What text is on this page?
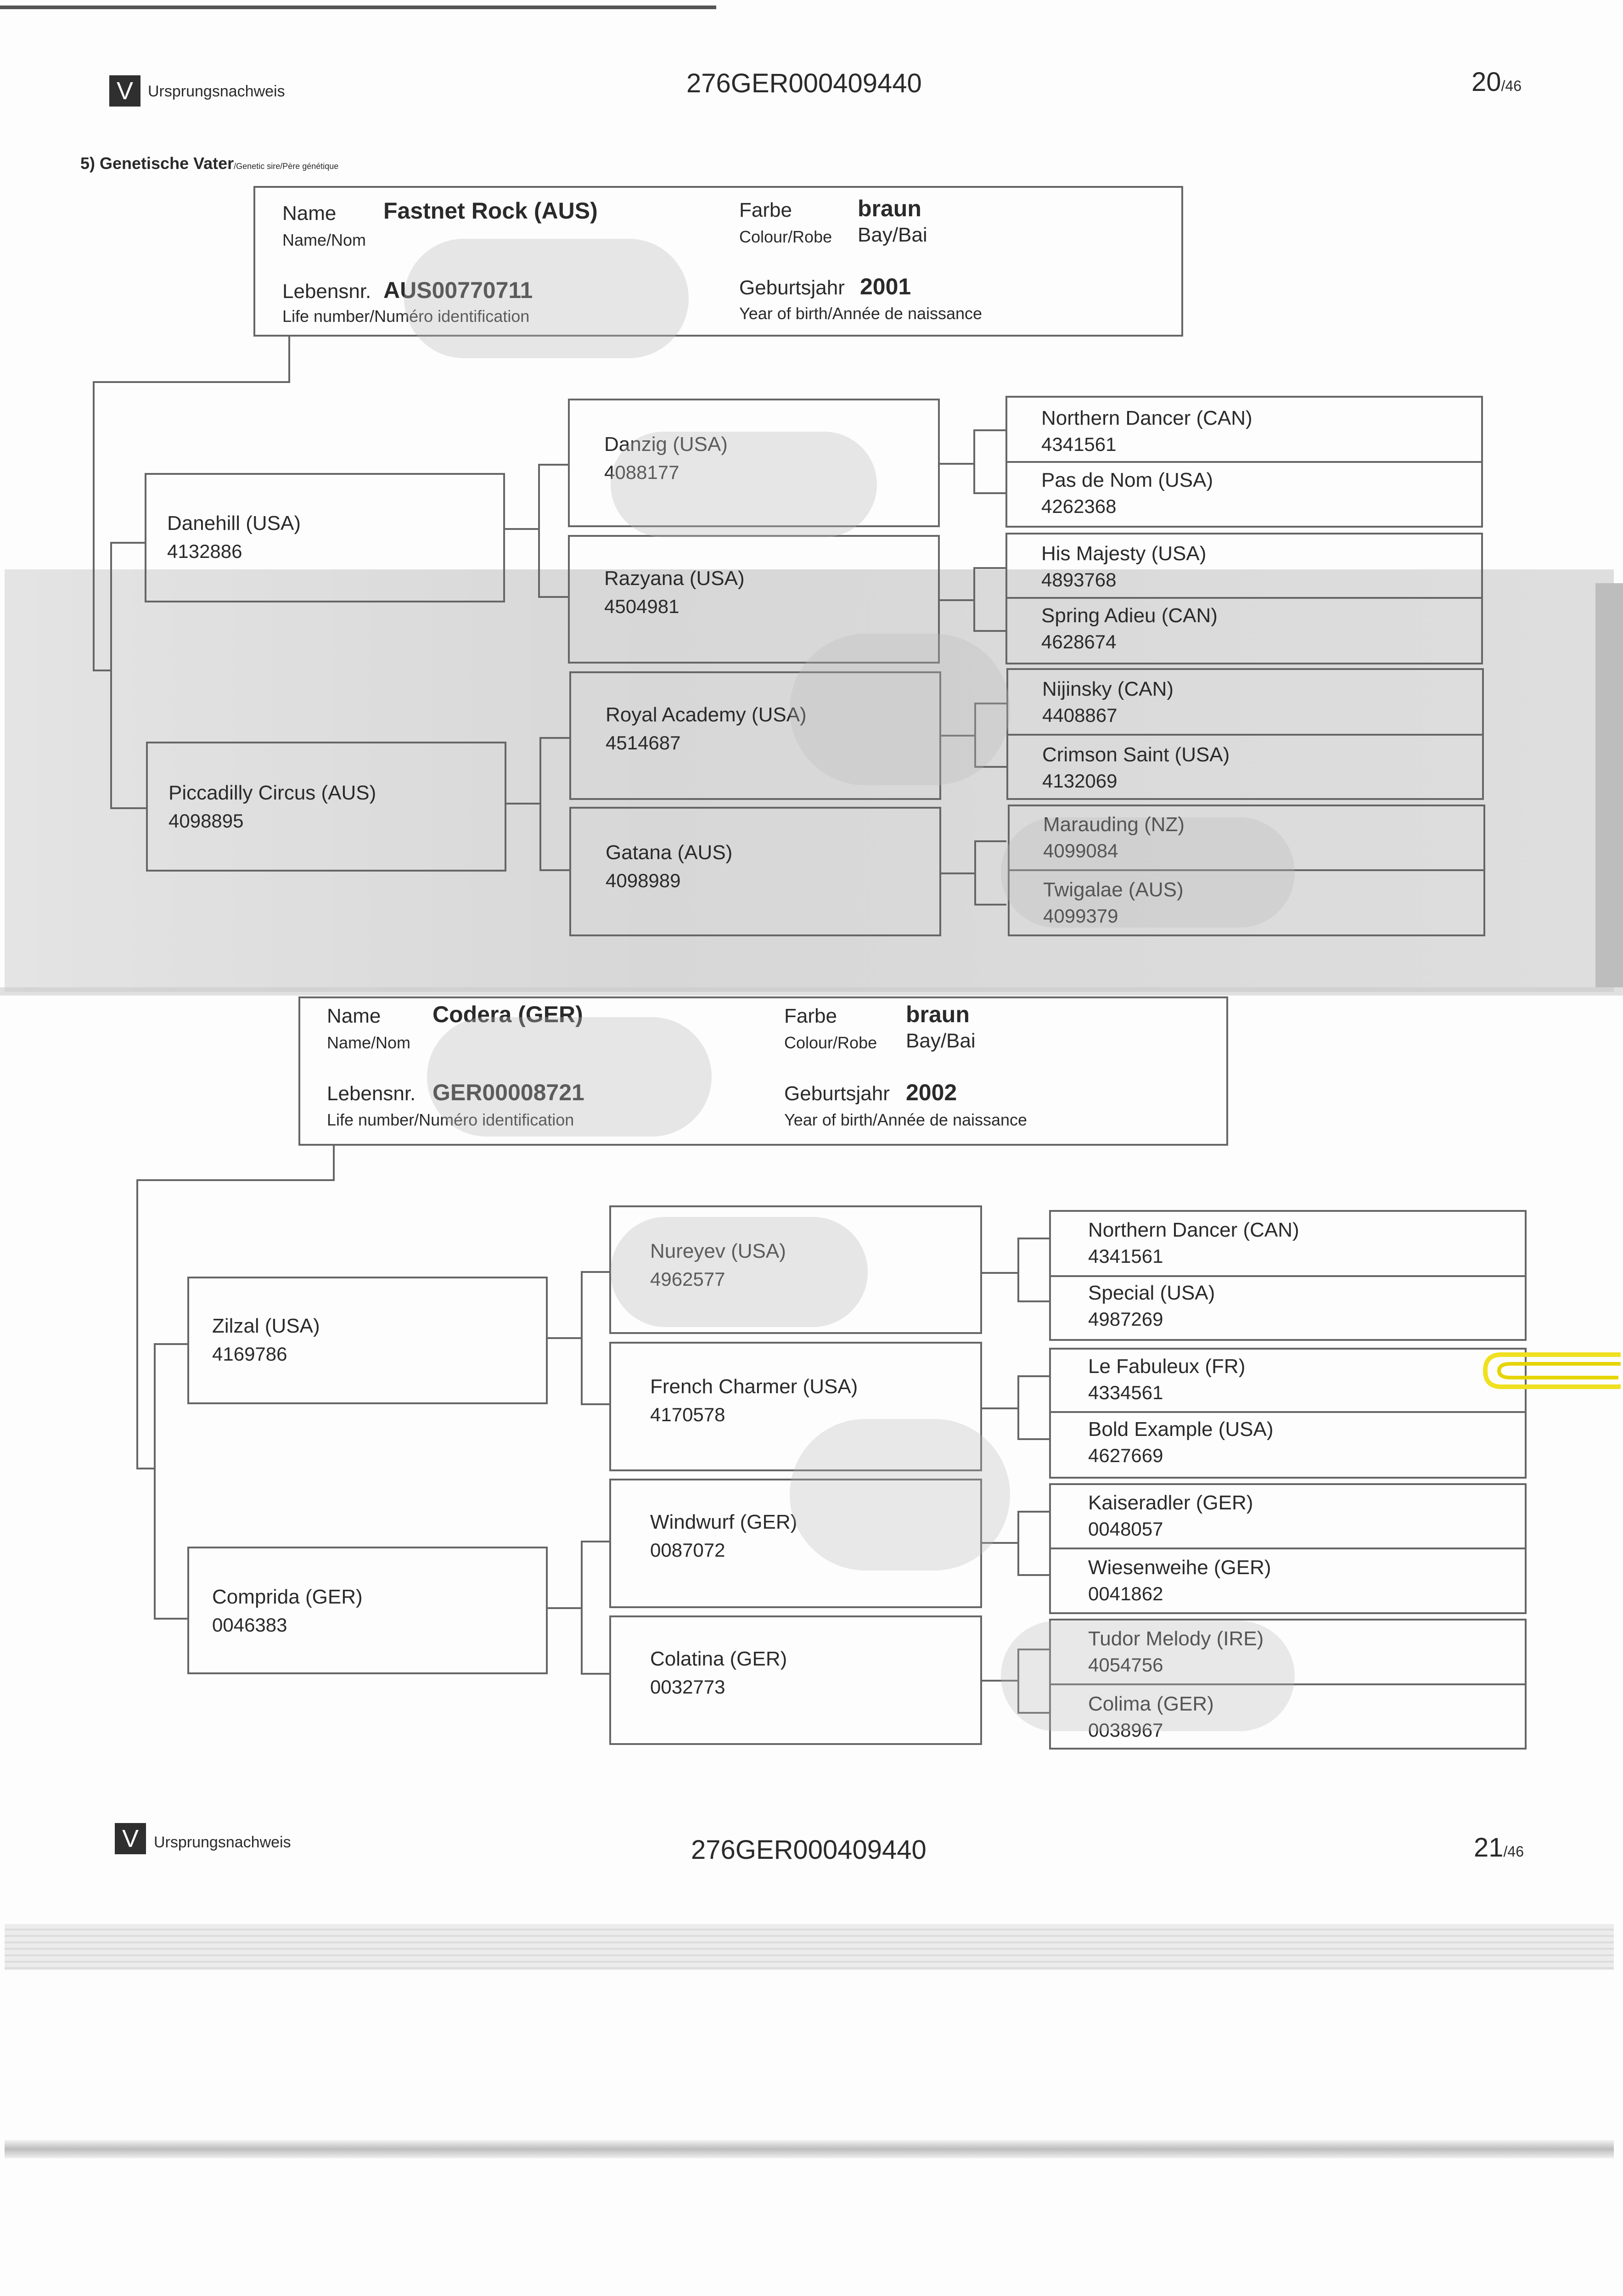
V Ursprungsnachweis	276GER000409440	20/46
5) Genetische Vater/Genetic sire/Père génétique
Name
Name/Nom
Fastnet Rock (AUS)
Lebensnr. AUS00770711
Life number/Numéro identification
Farbe	braun
Colour/Robe Bay/Bai
Geburtsjahr 2001
Year of birth/Année de naissance
Danehill (USA)
4132886
Piccadilly Circus (AUS)
4098895
Danzig (USA)
4088177
Razyana (USA)
4504981
Royal Academy (USA)
4514687
Gatana (AUS)
4098989
Northern Dancer (CAN)
4341561
Pas de Nom (USA)
4262368
His Majesty (USA)
4893768
Spring Adieu (CAN)
4628674
Nijinsky (CAN)
4408867
Crimson Saint (USA)
4132069
Marauding (NZ)
4099084
Twigalae (AUS)
4099379
Name
Name/Nom
Codera (GER)
Lebensnr. GER00008721
Life number/Numéro identification
Farbe	braun
Colour/Robe Bay/Bai
Geburtsjahr 2002
Year of birth/Année de naissance
Zilzal (USA)
4169786
Comprida (GER)
0046383
Nureyev (USA)
4962577
French Charmer (USA)
4170578
Windwurf (GER)
0087072
Colatina (GER)
0032773
Northern Dancer (CAN)
4341561
Special (USA)
4987269
Le Fabuleux (FR)
4334561
Bold Example (USA)
4627669
Kaiseradler (GER)
0048057
Wiesenweihe (GER)
0041862
Tudor Melody (IRE)
4054756
Colima (GER)
0038967
V Ursprungsnachweis	276GER000409440	21/46
